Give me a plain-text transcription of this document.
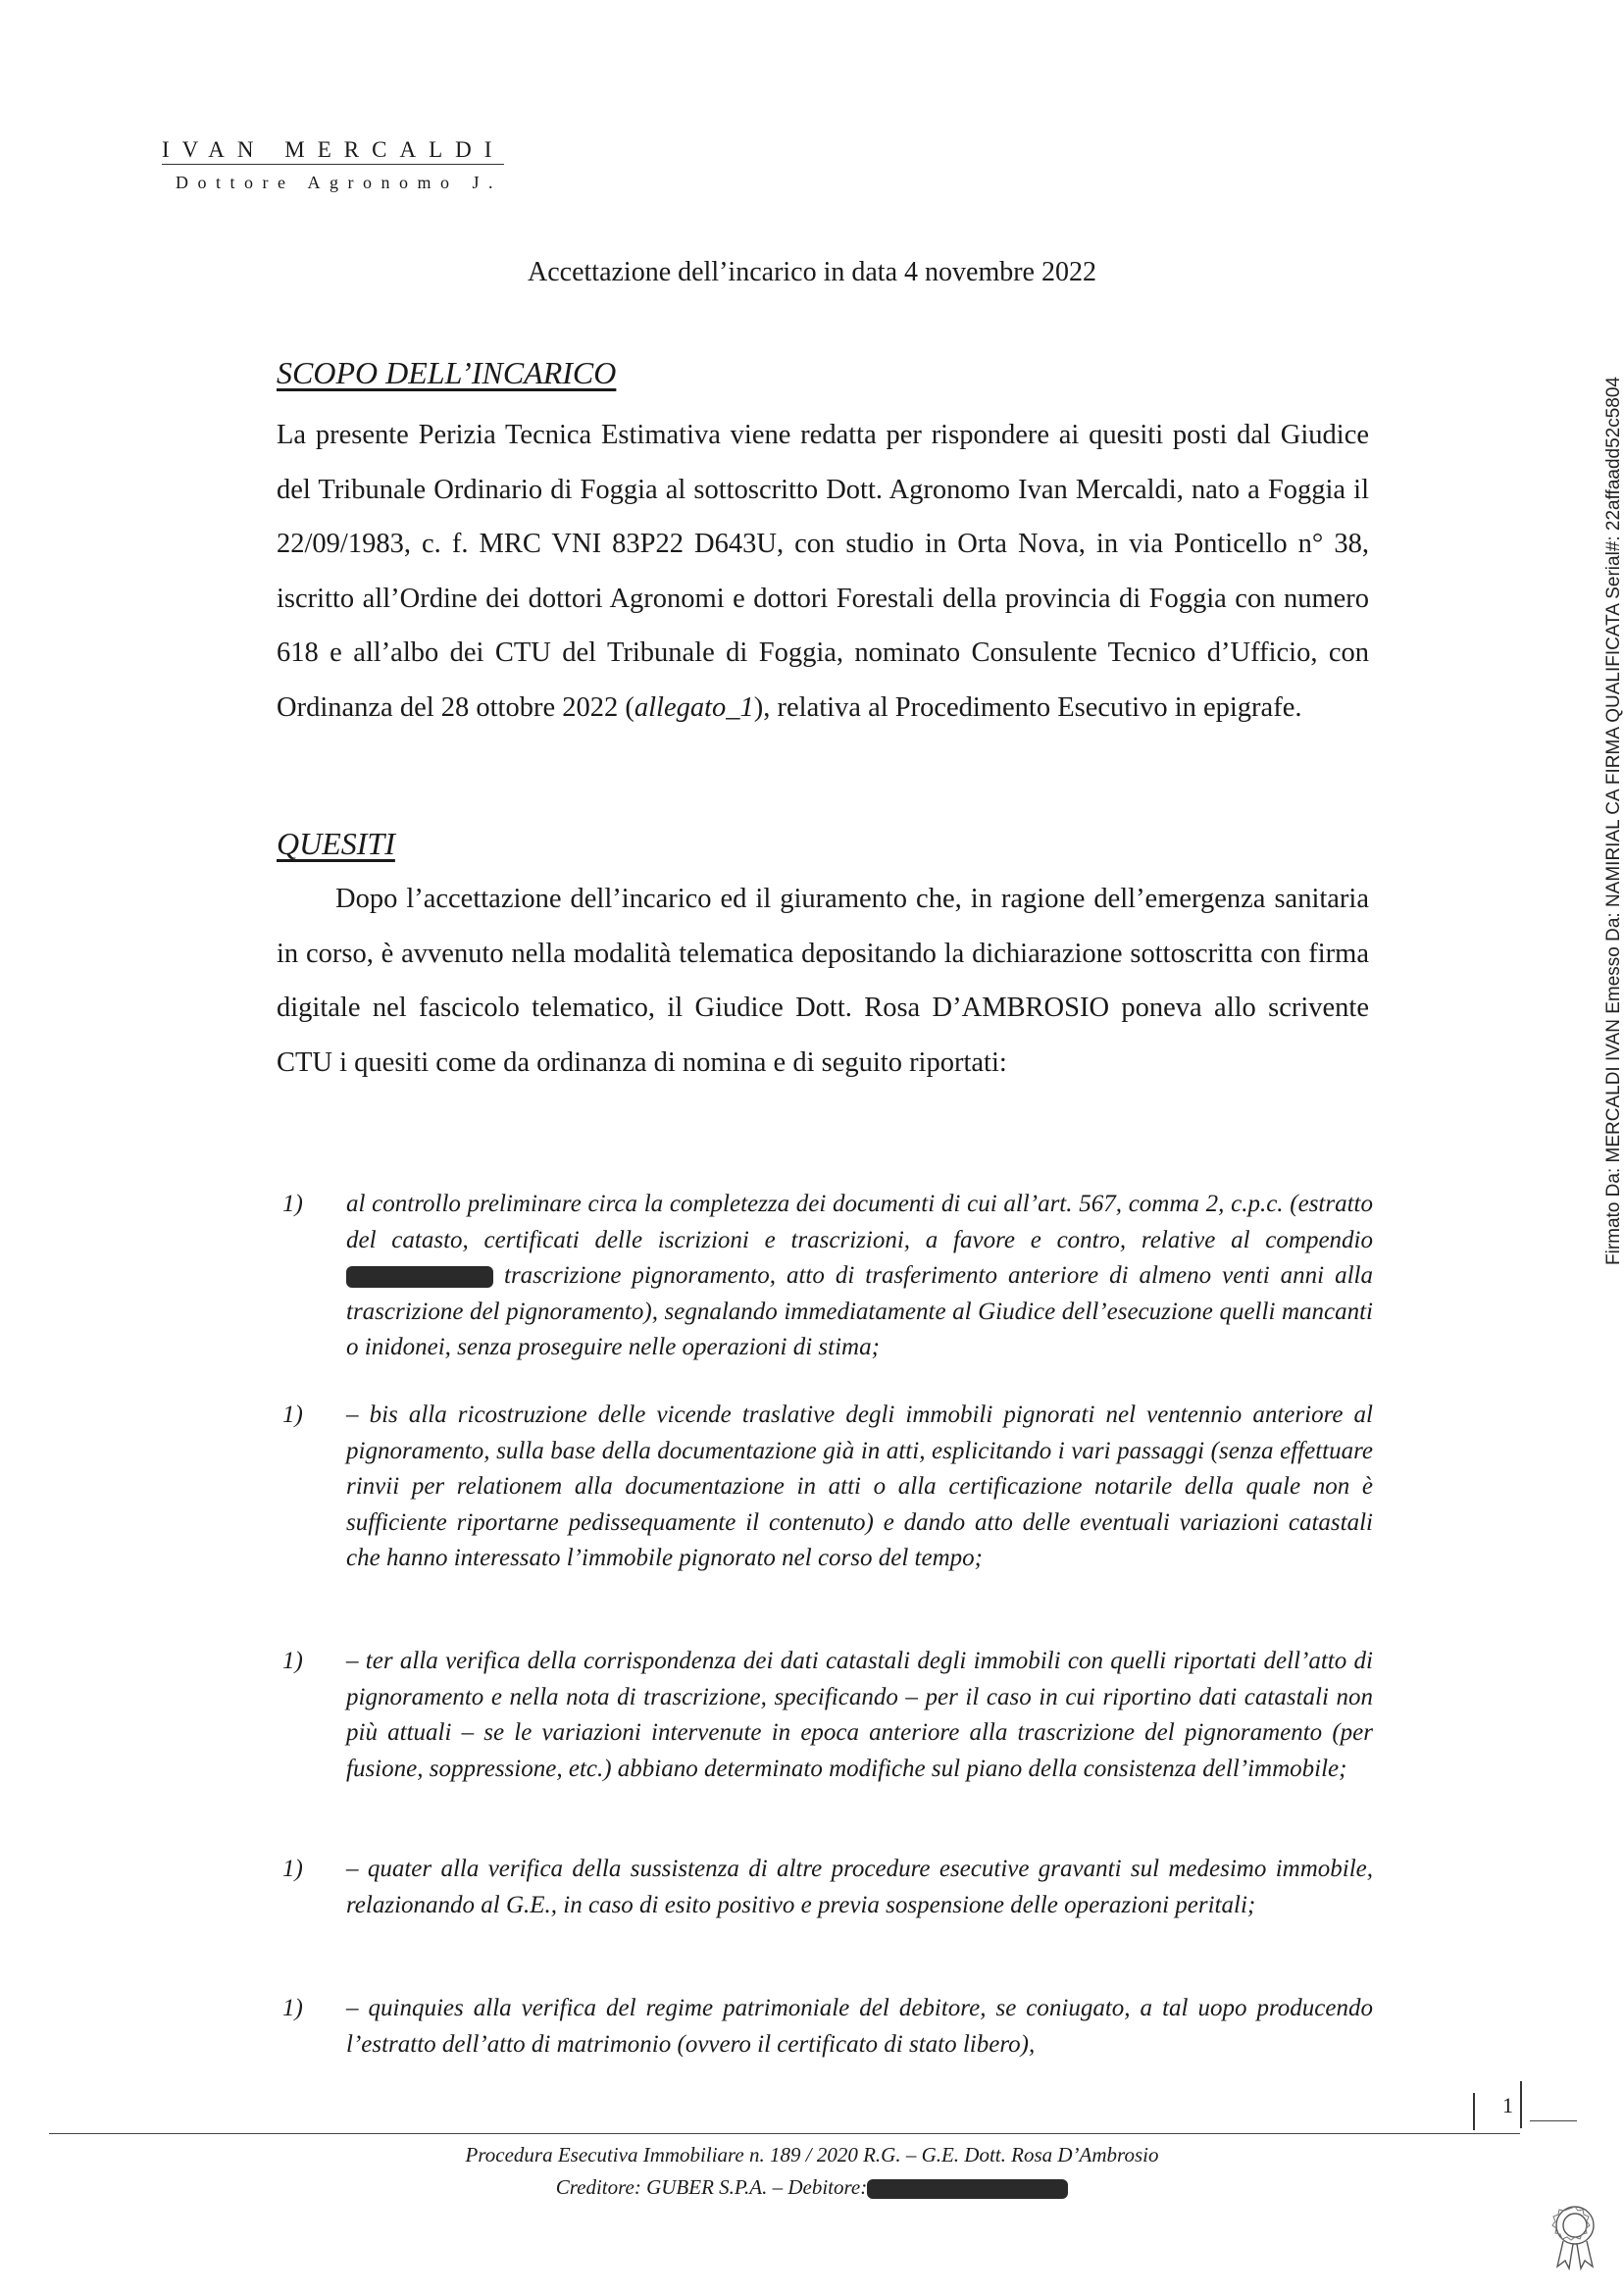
IVAN MERCALDI
Dottore Agronomo J.
Accettazione dell’incarico in data 4 novembre 2022
SCOPO DELL’INCARICO

La presente Perizia Tecnica Estimativa viene redatta per rispondere ai quesiti posti dal Giudice del Tribunale Ordinario di Foggia al sottoscritto Dott. Agronomo Ivan Mercaldi, nato a Foggia il 22/09/1983, c. f. MRC VNI 83P22 D643U, con studio in Orta Nova, in via Ponticello n° 38, iscritto all’Ordine dei dottori Agronomi e dottori Forestali della provincia di Foggia con numero 618 e all’albo dei CTU del Tribunale di Foggia, nominato Consulente Tecnico d’Ufficio, con Ordinanza del 28 ottobre 2022 (allegato_1), relativa al Procedimento Esecutivo in epigrafe.

QUESITI

Dopo l’accettazione dell’incarico ed il giuramento che, in ragione dell’emergenza sanitaria in corso, è avvenuto nella modalità telematica depositando la dichiarazione sottoscritta con firma digitale nel fascicolo telematico, il Giudice Dott. Rosa D’AMBROSIO poneva allo scrivente CTU i quesiti come da ordinanza di nomina e di seguito riportati:

1) al controllo preliminare circa la completezza dei documenti di cui all’art. 567, comma 2, c.p.c. (estratto del catasto, certificati delle iscrizioni e trascrizioni, a favore e contro, relative al compendio  trascrizione pignoramento, atto di trasferimento anteriore di almeno venti anni alla trascrizione del pignoramento), segnalando immediatamente al Giudice dell’esecuzione quelli mancanti o inidonei, senza proseguire nelle operazioni di stima;

1) – bis alla ricostruzione delle vicende traslative degli immobili pignorati nel ventennio anteriore al pignoramento, sulla base della documentazione già in atti, esplicitando i vari passaggi (senza effettuare rinvii per relationem alla documentazione in atti o alla certificazione notarile della quale non è sufficiente riportarne pedissequamente il contenuto) e dando atto delle eventuali variazioni catastali che hanno interessato l’immobile pignorato nel corso del tempo;

1) – ter alla verifica della corrispondenza dei dati catastali degli immobili con quelli riportati dell’atto di pignoramento e nella nota di trascrizione, specificando – per il caso in cui riportino dati catastali non più attuali – se le variazioni intervenute in epoca anteriore alla trascrizione del pignoramento (per fusione, soppressione, etc.) abbiano determinato modifiche sul piano della consistenza dell’immobile;

1) – quater alla verifica della sussistenza di altre procedure esecutive gravanti sul medesimo immobile, relazionando al G.E., in caso di esito positivo e previa sospensione delle operazioni peritali;

1) – quinquies alla verifica del regime patrimoniale del debitore, se coniugato, a tal uopo producendo l’estratto dell’atto di matrimonio (ovvero il certificato di stato libero),

1
Procedura Esecutiva Immobiliare n. 189 / 2020 R.G. – G.E. Dott. Rosa D’Ambrosio
Creditore: GUBER S.P.A. – Debitore:
Firmato Da: MERCALDI IVAN Emesso Da: NAMIRIAL CA FIRMA QUALIFICATA Serial#: 22affaadd52c5804
